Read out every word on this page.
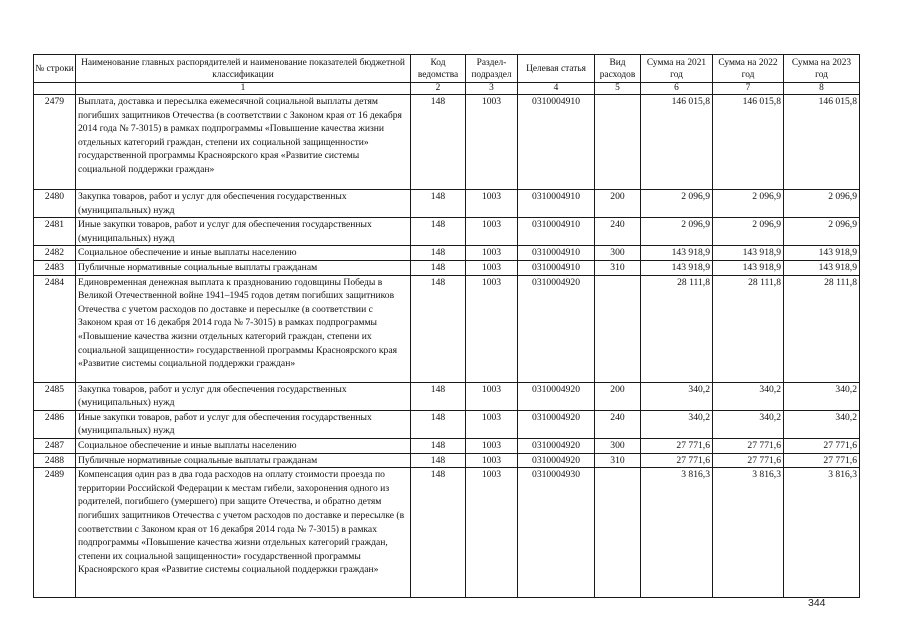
№ строки	Наименование главных распорядителей и наименование показателей бюджетной классификации	Код ведомства	Раздел-подраздел	Целевая статья	Вид расходов	Сумма на 2021 год	Сумма на 2022 год	Сумма на 2023 год
	1	2	3	4	5	6	7	8
2479	Выплата, доставка и пересылка ежемесячной социальной выплаты детям погибших защитников Отечества (в соответствии с Законом края от 16 декабря 2014 года № 7-3015) в рамках подпрограммы «Повышение качества жизни отдельных категорий граждан, степени их социальной защищенности» государственной программы Красноярского края «Развитие системы социальной поддержки граждан»	148	1003	0310004910		146 015,8	146 015,8	146 015,8
2480	Закупка товаров, работ и услуг для обеспечения государственных (муниципальных) нужд	148	1003	0310004910	200	2 096,9	2 096,9	2 096,9
2481	Иные закупки товаров, работ и услуг для обеспечения государственных (муниципальных) нужд	148	1003	0310004910	240	2 096,9	2 096,9	2 096,9
2482	Социальное обеспечение и иные выплаты населению	148	1003	0310004910	300	143 918,9	143 918,9	143 918,9
2483	Публичные нормативные социальные выплаты гражданам	148	1003	0310004910	310	143 918,9	143 918,9	143 918,9
2484	Единовременная денежная выплата к празднованию годовщины Победы в Великой Отечественной войне 1941–1945 годов детям погибших защитников Отечества с учетом расходов по доставке и пересылке (в соответствии с Законом края от 16 декабря 2014 года № 7-3015) в рамках подпрограммы «Повышение качества жизни отдельных категорий граждан, степени их социальной защищенности» государственной программы Красноярского края «Развитие системы социальной поддержки граждан»	148	1003	0310004920		28 111,8	28 111,8	28 111,8
2485	Закупка товаров, работ и услуг для обеспечения государственных (муниципальных) нужд	148	1003	0310004920	200	340,2	340,2	340,2
2486	Иные закупки товаров, работ и услуг для обеспечения государственных (муниципальных) нужд	148	1003	0310004920	240	340,2	340,2	340,2
2487	Социальное обеспечение и иные выплаты населению	148	1003	0310004920	300	27 771,6	27 771,6	27 771,6
2488	Публичные нормативные социальные выплаты гражданам	148	1003	0310004920	310	27 771,6	27 771,6	27 771,6
2489	Компенсация один раз в два года расходов на оплату стоимости проезда по территории Российской Федерации к местам гибели, захоронения одного из родителей, погибшего (умершего) при защите Отечества, и обратно детям погибших защитников Отечества с учетом расходов по доставке и пересылке (в соответствии с Законом края от 16 декабря 2014 года № 7-3015) в рамках подпрограммы «Повышение качества жизни отдельных категорий граждан, степени их социальной защищенности» государственной программы Красноярского края «Развитие системы социальной поддержки граждан»	148	1003	0310004930		3 816,3	3 816,3	3 816,3
344
